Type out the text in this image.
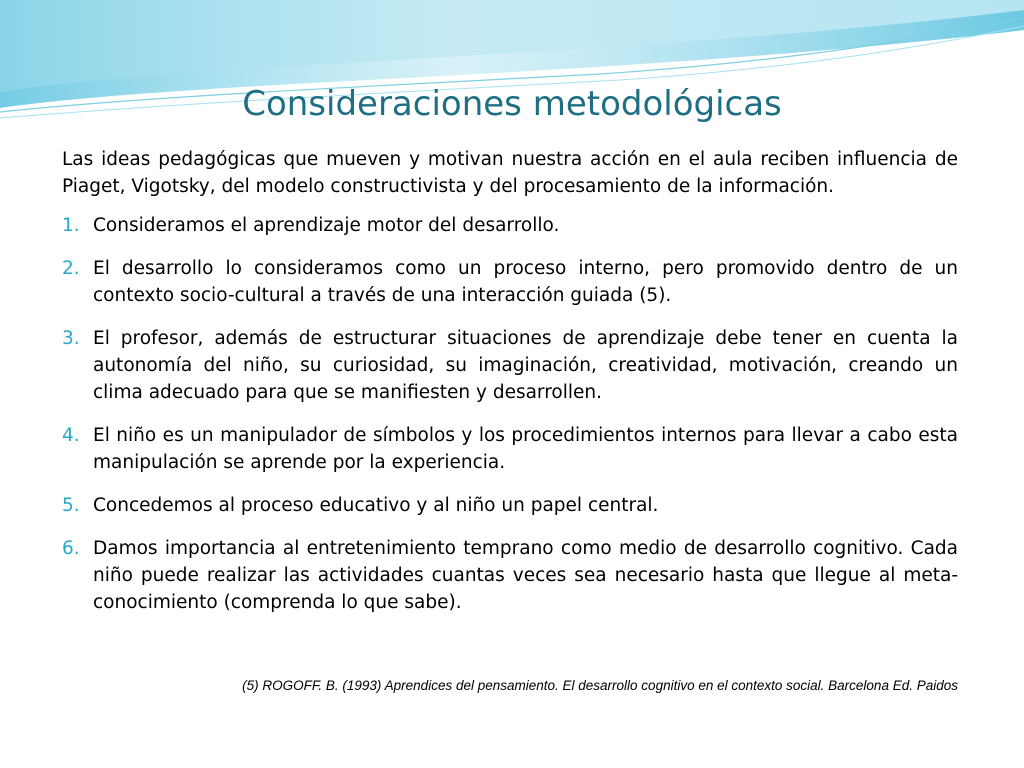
Consideraciones metodológicas

Las ideas pedagógicas que mueven y motivan nuestra acción en el aula reciben influencia de Piaget, Vigotsky, del modelo constructivista y del procesamiento de la información.

1. Consideramos el aprendizaje motor del desarrollo.
2. El desarrollo lo consideramos como un proceso interno, pero promovido dentro de un contexto socio-cultural a través de una interacción guiada (5).
3. El profesor, además de estructurar situaciones de aprendizaje debe tener en cuenta la autonomía del niño, su curiosidad, su imaginación, creatividad, motivación, creando un clima adecuado para que se manifiesten y desarrollen.
4. El niño es un manipulador de símbolos y los procedimientos internos para llevar a cabo esta manipulación se aprende por la experiencia.
5. Concedemos al proceso educativo y al niño un papel central.
6. Damos importancia al entretenimiento temprano como medio de desarrollo cognitivo. Cada niño puede realizar las actividades cuantas veces sea necesario hasta que llegue al meta-conocimiento (comprenda lo que sabe).
(5) ROGOFF. B. (1993) Aprendices del pensamiento. El desarrollo cognitivo en el contexto social. Barcelona Ed. Paidos
